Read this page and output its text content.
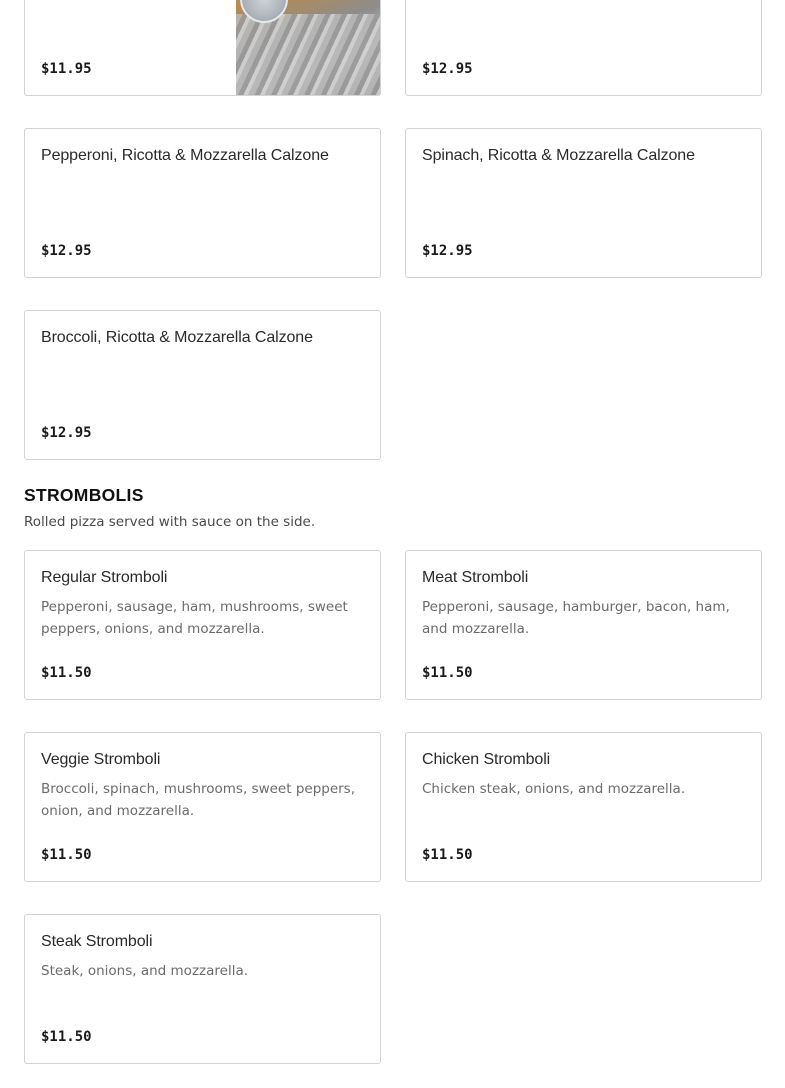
$11.95	$12.95
Pepperoni, Ricotta & Mozzarella Calzone
$12.95
Spinach, Ricotta & Mozzarella Calzone
$12.95
Broccoli, Ricotta & Mozzarella Calzone
$12.95
STROMBOLIS

Rolled pizza served with sauce on the side.

Regular Stromboli
Pepperoni, sausage, ham, mushrooms, sweet peppers, onions, and mozzarella.
$11.50
Meat Stromboli
Pepperoni, sausage, hamburger, bacon, ham, and mozzarella.
$11.50
Veggie Stromboli
Broccoli, spinach, mushrooms, sweet peppers, onion, and mozzarella.
$11.50
Chicken Stromboli
Chicken steak, onions, and mozzarella.
$11.50
Steak Stromboli
Steak, onions, and mozzarella.
$11.50
